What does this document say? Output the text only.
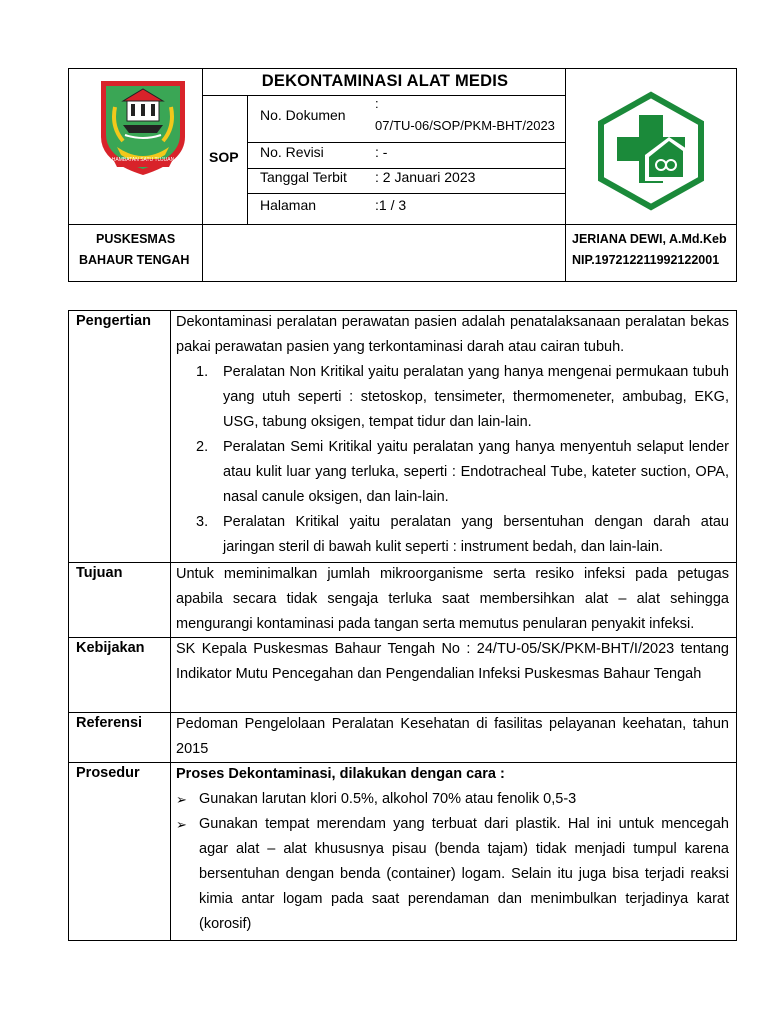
HAMBATAN SATU TUJUAN
DEKONTAMINASI ALAT MEDIS
SOP
No. Dokumen
:
07/TU-06/SOP/PKM-BHT/2023
No. Revisi	: -
Tanggal Terbit : 2 Januari 2023
Halaman	:1 / 3
PUSKESMAS
BAHAUR TENGAH
JERIANA DEWI, A.Md.Keb
NIP.197212211992122001
Pengertian Dekontaminasi peralatan perawatan pasien adalah penatalaksanaan peralatan bekas pakai perawatan pasien yang terkontaminasi darah atau cairan tubuh.

1. Peralatan Non Kritikal yaitu peralatan yang hanya mengenai permukaan tubuh yang utuh seperti : stetoskop, tensimeter, thermomeneter, ambubag, EKG, USG, tabung oksigen, tempat tidur dan lain-lain.

2. Peralatan Semi Kritikal yaitu peralatan yang hanya menyentuh selaput lender atau kulit luar yang terluka, seperti : Endotracheal Tube, kateter suction, OPA, nasal canule oksigen, dan lain-lain.

3. Peralatan Kritikal yaitu peralatan yang bersentuhan dengan darah atau jaringan steril di bawah kulit seperti : instrument bedah, dan lain-lain.

Tujuan	Untuk meminimalkan jumlah mikroorganisme serta resiko infeksi pada petugas apabila secara tidak sengaja terluka saat membersihkan alat – alat sehingga mengurangi kontaminasi pada tangan serta memutus penularan penyakit infeksi.

Kebijakan SK Kepala Puskesmas Bahaur Tengah No : 24/TU-05/SK/PKM-BHT/I/2023 tentang Indikator Mutu Pencegahan dan Pengendalian Infeksi Puskesmas Bahaur Tengah

Referensi Pedoman Pengelolaan Peralatan Kesehatan di fasilitas pelayanan keehatan, tahun 2015

Prosedur	Proses Dekontaminasi, dilakukan dengan cara :

➢ Gunakan larutan klori 0.5%, alkohol 70% atau fenolik 0,5-3

➢ Gunakan tempat merendam yang terbuat dari plastik. Hal ini untuk mencegah agar alat – alat khususnya pisau (benda tajam) tidak menjadi tumpul karena bersentuhan dengan benda (container) logam. Selain itu juga bisa terjadi reaksi kimia antar logam pada saat perendaman dan menimbulkan terjadinya karat (korosif)
